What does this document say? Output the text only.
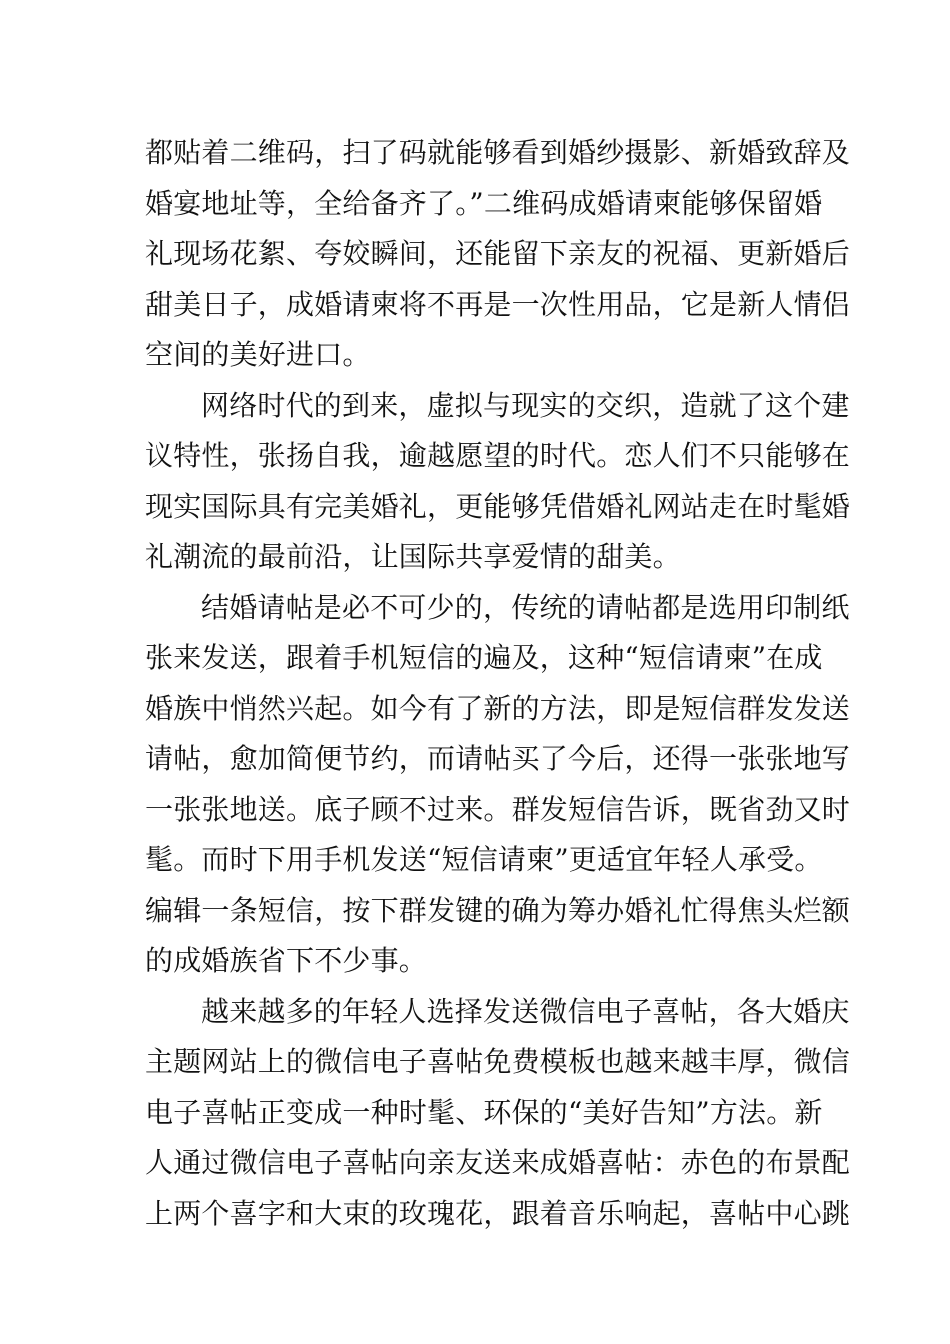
都贴着二维码，扫了码就能够看到婚纱摄影、新婚致辞及
婚宴地址等，全给备齐了。”二维码成婚请柬能够保留婚
礼现场花絮、夸姣瞬间，还能留下亲友的祝福、更新婚后
甜美日子，成婚请柬将不再是一次性用品，它是新人情侣
空间的美好进口。

网络时代的到来，虚拟与现实的交织，造就了这个建
议特性，张扬自我，逾越愿望的时代。恋人们不只能够在
现实国际具有完美婚礼，更能够凭借婚礼网站走在时髦婚
礼潮流的最前沿，让国际共享爱情的甜美。

结婚请帖是必不可少的，传统的请帖都是选用印制纸
张来发送，跟着手机短信的遍及，这种“短信请柬”在成
婚族中悄然兴起。如今有了新的方法，即是短信群发发送
请帖，愈加简便节约，而请帖买了今后，还得一张张地写
一张张地送。底子顾不过来。群发短信告诉，既省劲又时
髦。而时下用手机发送“短信请柬”更适宜年轻人承受。
编辑一条短信，按下群发键的确为筹办婚礼忙得焦头烂额
的成婚族省下不少事。

越来越多的年轻人选择发送微信电子喜帖，各大婚庆
主题网站上的微信电子喜帖免费模板也越来越丰厚，微信
电子喜帖正变成一种时髦、环保的“美好告知”方法。新
人通过微信电子喜帖向亲友送来成婚喜帖：赤色的布景配
上两个喜字和大束的玫瑰花，跟着音乐响起，喜帖中心跳
